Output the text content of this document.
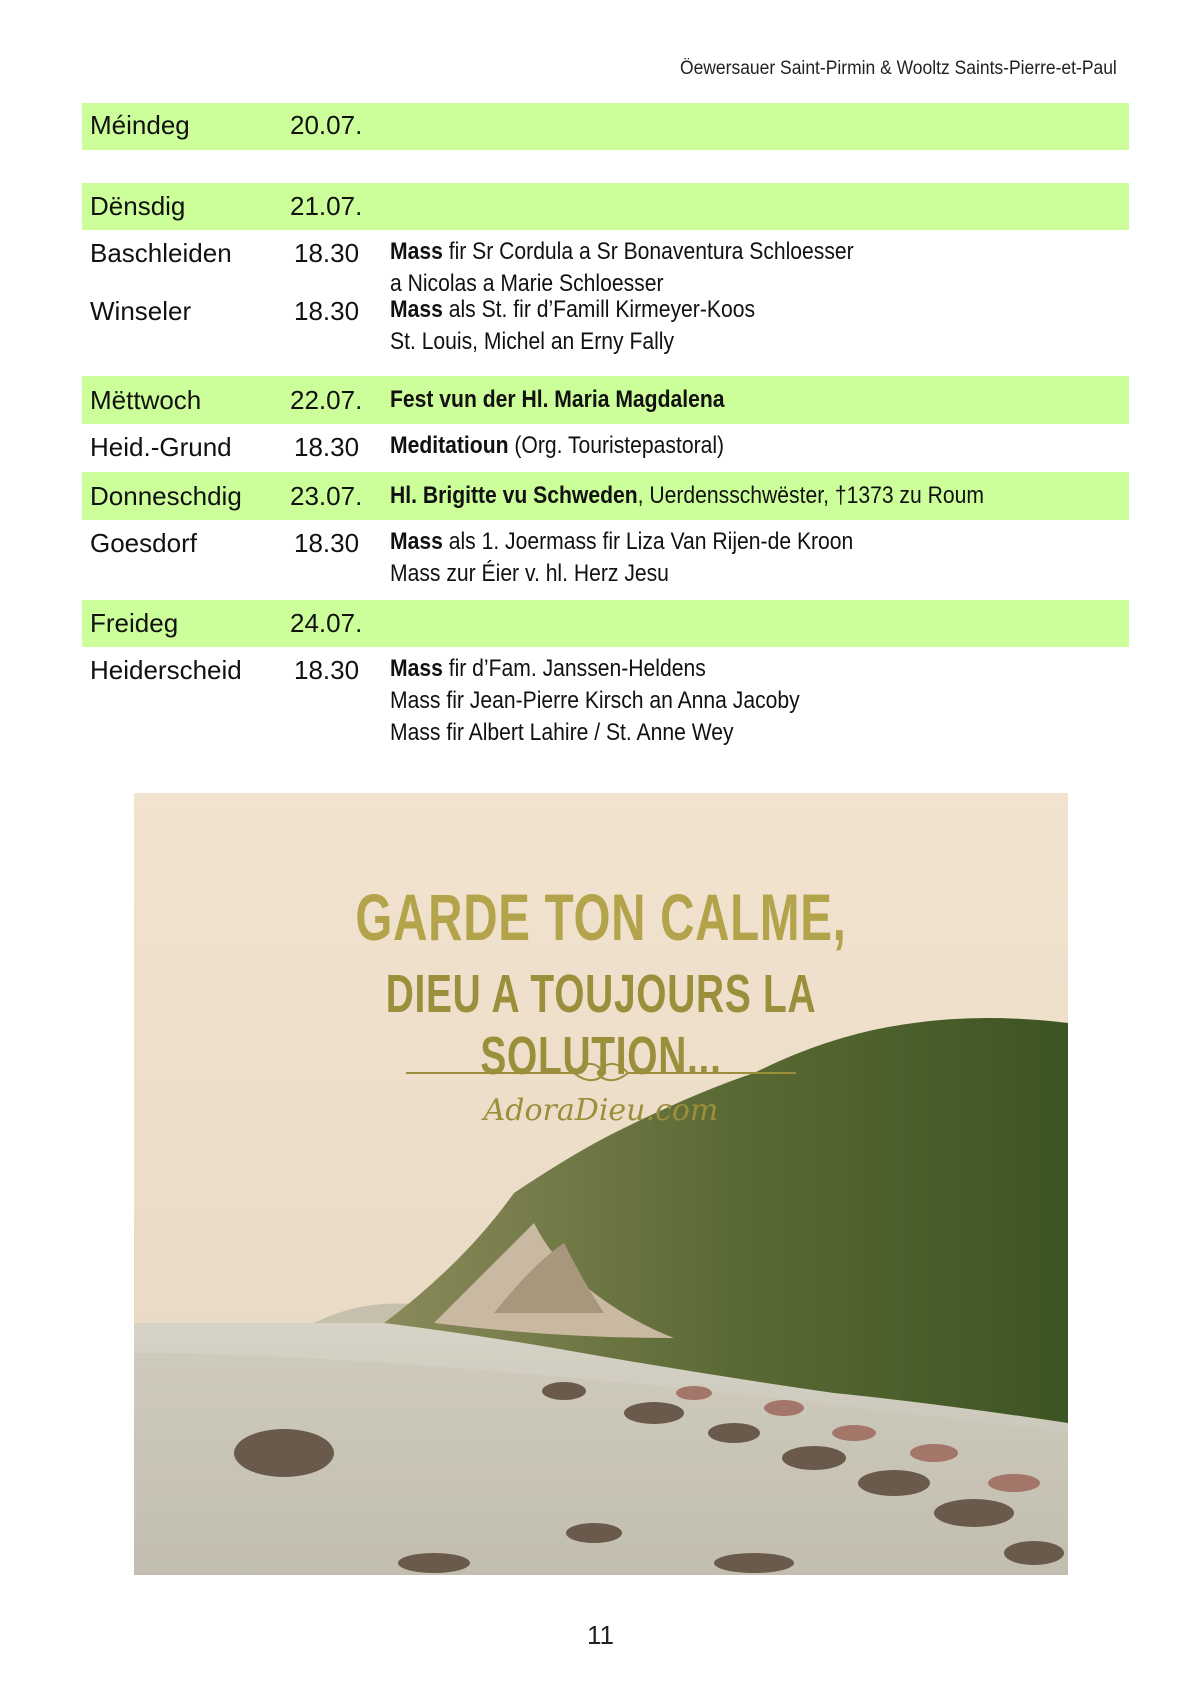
Öewersauer Saint-Pirmin & Wooltz Saints-Pierre-et-Paul
Méindeg	20.07.
Dënsdig	21.07.
Baschleiden 18.30 Mass fir Sr Cordula a Sr Bonaventura Schloesser
a Nicolas a Marie Schloesser
Winseler	18.30 Mass als St. fir d’Famill Kirmeyer-Koos
St. Louis, Michel an Erny Fally
Mëttwoch	22.07. Fest vun der Hl. Maria Magdalena
Heid.-Grund 18.30 Meditatioun (Org. Touristepastoral)
Donneschdig 23.07. Hl. Brigitte vu Schweden, Uerdensschwëster, †1373 zu Roum
Goesdorf	18.30 Mass als 1. Joermass fir Liza Van Rijen-de Kroon
Mass zur Éier v. hl. Herz Jesu
Freideg	24.07.
Heiderscheid 18.30 Mass fir d’Fam. Janssen-Heldens
Mass fir Jean-Pierre Kirsch an Anna Jacoby
Mass fir Albert Lahire / St. Anne Wey
GARDE TON CALME,
DIEU A TOUJOURS LA SOLUTION...
AdoraDieu.com
11
